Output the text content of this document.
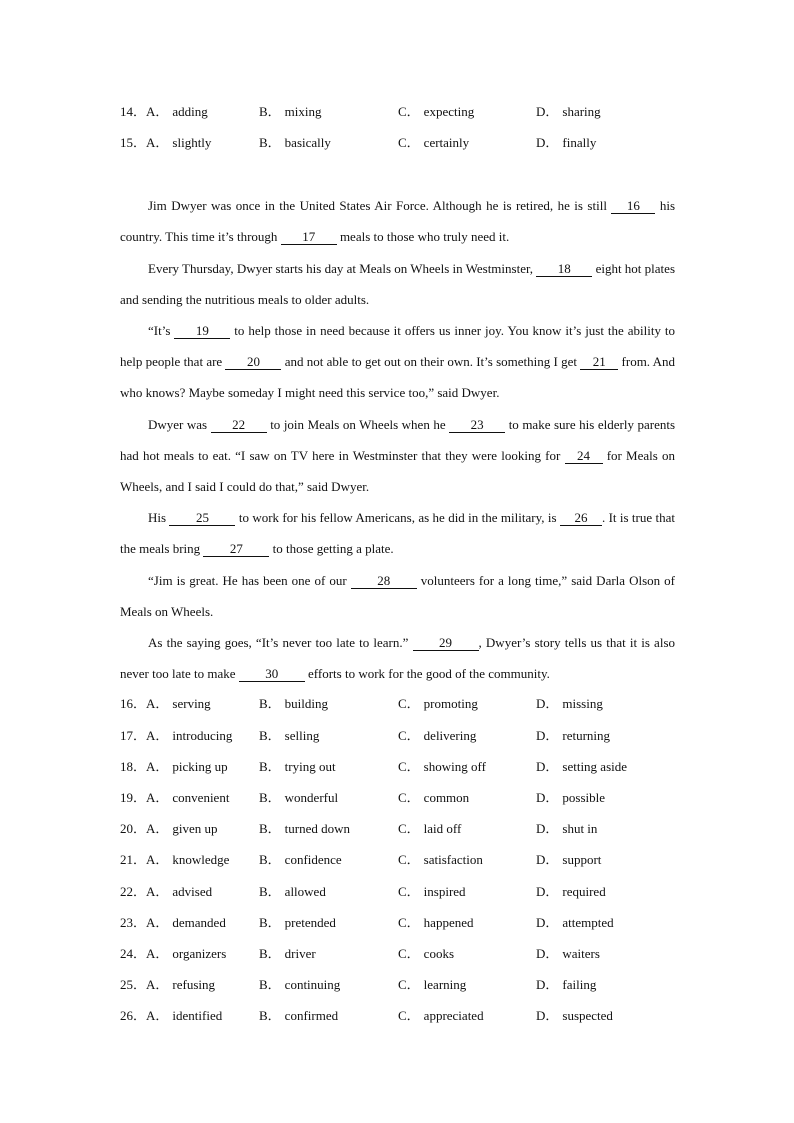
14．A． adding	B． mixing	C． expecting	D． sharing
15．A． slightly	B． basically	C． certainly	D． finally
Jim Dwyer was once in the United States Air Force. Although he is retired, he is still 16 his country. This time it’s through 17 meals to those who truly need it.
Every Thursday, Dwyer starts his day at Meals on Wheels in Westminster, 18 eight hot plates and sending the nutritious meals to older adults.
“It’s 19 to help those in need because it offers us inner joy. You know it’s just the ability to help people that are 20 and not able to get out on their own. It’s something I get 21 from. And who knows? Maybe someday I might need this service too,” said Dwyer.
Dwyer was 22 to join Meals on Wheels when he 23 to make sure his elderly parents had hot meals to eat. “I saw on TV here in Westminster that they were looking for 24 for Meals on Wheels, and I said I could do that,” said Dwyer.
His 25 to work for his fellow Americans, as he did in the military, is 26 . It is true that the meals bring 27 to those getting a plate.
“Jim is great. He has been one of our 28 volunteers for a long time,” said Darla Olson of Meals on Wheels.
As the saying goes, “It’s never too late to learn.” 29 , Dwyer’s story tells us that it is also never too late to make 30 efforts to work for the good of the community.
16．A． serving	B． building	C． promoting	D． missing
17．A． introducing B． selling	C． delivering	D． returning
18．A． picking up B． trying out	C． showing off	D． setting aside
19．A． convenient B． wonderful	C． common	D． possible
20．A． given up	B． turned down	C． laid off	D． shut in
21．A． knowledge B． confidence	C． satisfaction	D． support
22．A． advised	B． allowed	C． inspired	D． required
23．A． demanded	B． pretended	C． happened	D． attempted
24．A． organizers	B． driver	C． cooks	D． waiters
25．A． refusing	B． continuing	C． learning	D． failing
26．A． identified	B． confirmed	C． appreciated	D． suspected
